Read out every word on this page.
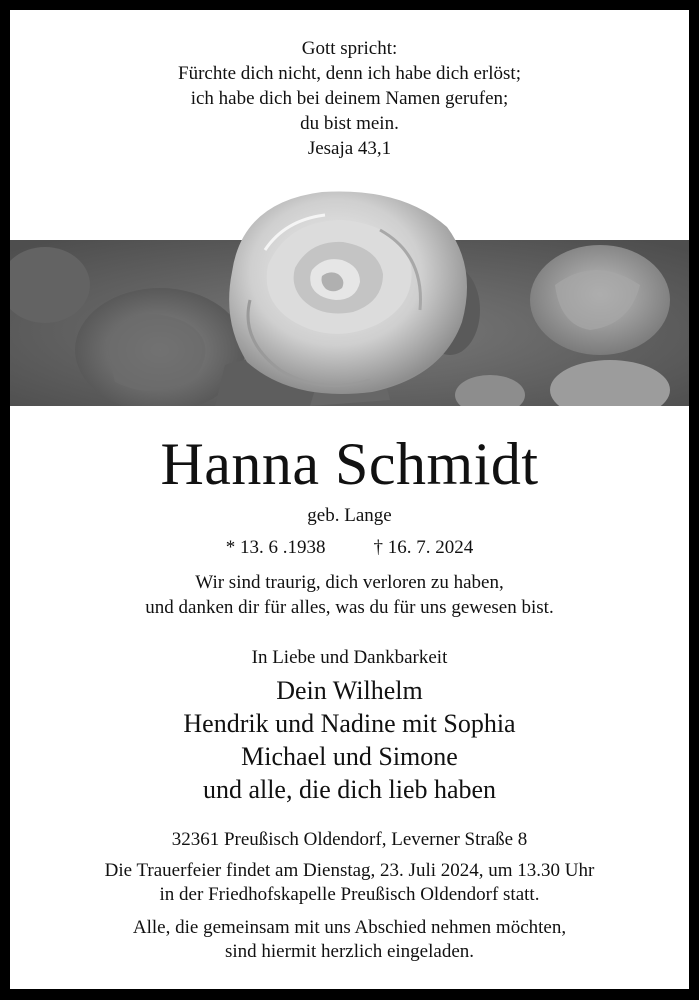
Gott spricht:
Fürchte dich nicht, denn ich habe dich erlöst;
ich habe dich bei deinem Namen gerufen;
du bist mein.
Jesaja 43,1
Hanna Schmidt
geb. Lange
* 13. 6 .1938	† 16. 7. 2024
Wir sind traurig, dich verloren zu haben,
und danken dir für alles, was du für uns gewesen bist.
In Liebe und Dankbarkeit
Dein Wilhelm
Hendrik und Nadine mit Sophia
Michael und Simone
und alle, die dich lieb haben
32361 Preußisch Oldendorf, Leverner Straße 8
Die Trauerfeier findet am Dienstag, 23. Juli 2024, um 13.30 Uhr
in der Friedhofskapelle Preußisch Oldendorf statt.
Alle, die gemeinsam mit uns Abschied nehmen möchten,
sind hiermit herzlich eingeladen.
